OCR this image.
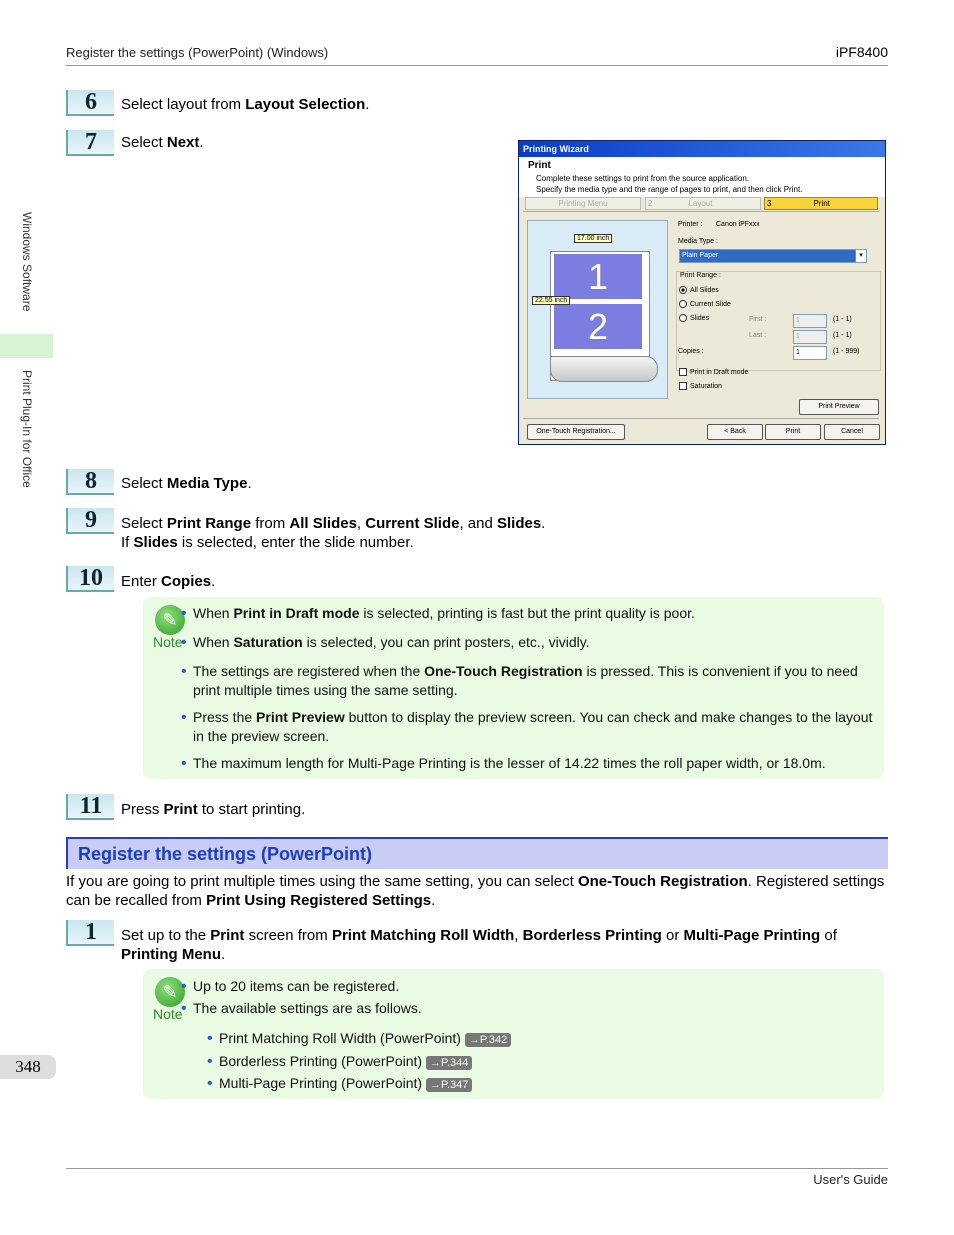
Register the settings (PowerPoint) (Windows)	iPF8400
Windows Software
Print Plug-In for Office
6	Select layout from Layout Selection.
7	Select Next.	Printing Wizard
Print
Complete these settings to print from the source application.
Specify the media type and the range of pages to print, and then click Print.
Printing Menu	2	Layout	3	Print
17.00 inch
1
2
22.55 inch
Printer : Canon iPFxxx
Media Type :
Plain Paper	▾
Print Range :
All Slides
Current Slide
Slides	First :	1	(1 - 1)
Last :	1	(1 - 1)
Copies :	1	(1 - 999)
Print in Draft mode
Saturation
Print Preview
One-Touch Registration...	< Back	Print	Cancel
8	Select Media Type.
9	Select Print Range from All Slides, Current Slide, and Slides.
If Slides is selected, enter the slide number.
10	Enter Copies.
✎
Note
• When Print in Draft mode is selected, printing is fast but the print quality is poor.
• When Saturation is selected, you can print posters, etc., vividly.
• The settings are registered when the One-Touch Registration is pressed. This is convenient if you to need print multiple times using the same setting.
• Press the Print Preview button to display the preview screen. You can check and make changes to the layout in the preview screen.
• The maximum length for Multi-Page Printing is the lesser of 14.22 times the roll paper width, or 18.0m.
11	Press Print to start printing.
Register the settings (PowerPoint)
If you are going to print multiple times using the same setting, you can select One-Touch Registration. Registered settings can be recalled from Print Using Registered Settings.
1	Set up to the Print screen from Print Matching Roll Width, Borderless Printing or Multi-Page Printing of Printing Menu.
✎
Note
• Up to 20 items can be registered.
• The available settings are as follows.
• Print Matching Roll Width (PowerPoint) →P.342
• Borderless Printing (PowerPoint) →P.344
• Multi-Page Printing (PowerPoint) →P.347
348
User's Guide
